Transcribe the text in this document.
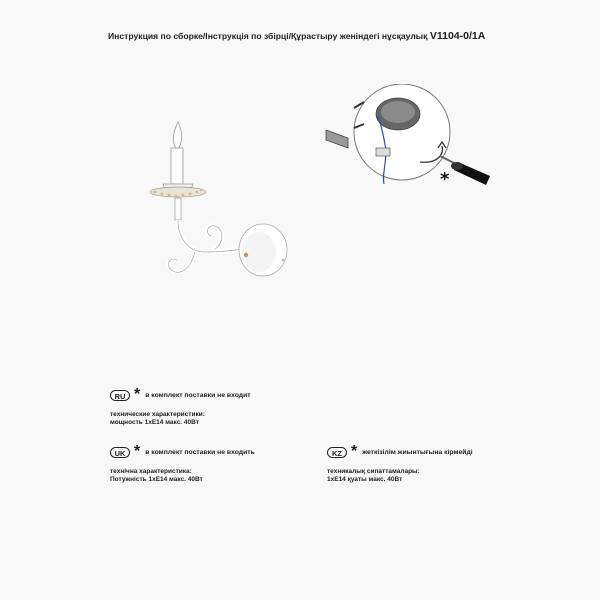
Инструкция по сборке/Інструкція по збірці/Құрастыру женіндегі нұсқаулық V1104-0/1A
*
RU * в комплект поставки не входит
технические характеристики:
мощность 1хЕ14 макс. 40Вт
UK * в комплект поставки не входить
технічна характеристика:
Потужність 1хЕ14 макс. 40Вт
KZ * жеткізілім жиынтығына кірмейді
техникалық сипаттамалары:
1хЕ14 қуаты макс. 40Вт
